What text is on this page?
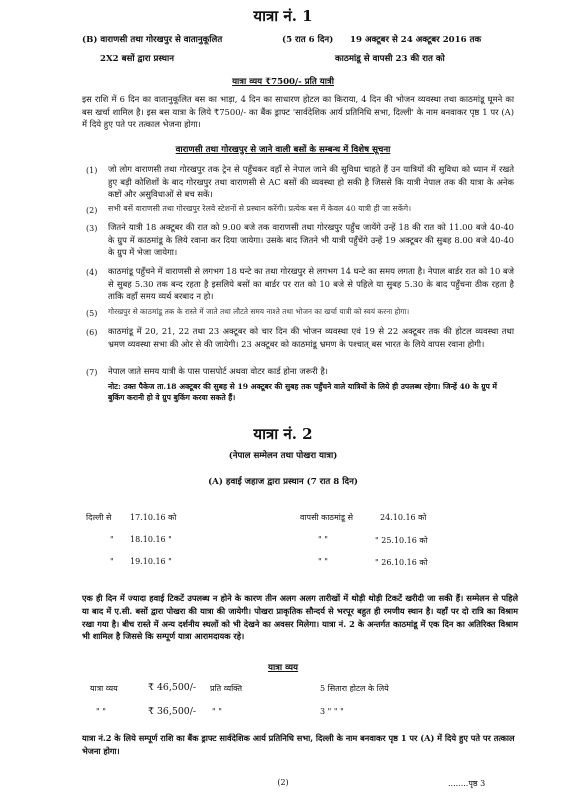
यात्रा नं. 1
(B) वाराणसी तथा गोरखपुर से वातानुकूलित	(5 रात 6 दिन) 19 अक्टूबर से 24 अक्टूबर 2016 तक
2X2 बसों द्वारा प्रस्थान	काठमांडू से वापसी 23 की रात को
यात्रा व्यय ₹7500/- प्रति यात्री
इस राशि में 6 दिन का वातानुकूलित बस का भाड़ा, 4 दिन का साधारण होटल का किराया, 4 दिन की भोजन व्यवस्था तथा काठमांडू घूमने का बस खर्चा शामिल है। इस बस यात्रा के लिये ₹7500/- का बैंक ड्राफ्ट 'सार्वदेशिक आर्य प्रतिनिधि सभा, दिल्ली' के नाम बनवाकर पृष्ठ 1 पर (A) में दिये हुए पते पर तत्काल भेजना होगा।
वाराणसी तथा गोरखपुर से जाने वाली बसों के सम्बन्ध में विशेष सूचना
(1) जो लोग वाराणसी तथा गोरखपुर तक ट्रेन से पहुँचकर वहाँ से नेपाल जाने की सुविधा चाहते हैं उन यात्रियों की सुविधा को ध्यान में रखते हुए बड़ी कोशिशों के बाद गोरखपुर तथा वाराणसी से AC बसों की व्यवस्था हो सकी है जिससे कि यात्री नेपाल तक की यात्रा के अनेक कष्टों और असुविधाओं से बच सकें।
(2) सभी बसें वाराणसी तथा गोरखपुर रेलवे स्टेशनों से प्रस्थान करेंगी। प्रत्येक बस में केवल 40 यात्री ही जा सकेंगे।
(3) जितने यात्री 18 अक्टूबर की रात को 9.00 बजे तक वाराणसी तथा गोरखपुर पहुँच जायेंगे उन्हें 18 की रात को 11.00 बजे 40-40 के ग्रुप में काठमांडू के लिये रवाना कर दिया जायेगा। उसके बाद जितने भी यात्री पहुँचेंगे उन्हें 19 अक्टूबर की सुबह 8.00 बजे 40-40 के ग्रुप में भेजा जायेगा।
(4) काठमांडू पहुँचने में वाराणसी से लगभग 18 घन्टे का तथा गोरखपुर से लगभग 14 घन्टे का समय लगता है। नेपाल बार्डर रात को 10 बजे से सुबह 5.30 तक बन्द रहता है इसलिये बसों का बार्डर पर रात को 10 बजे से पहिले या सुबह 5.30 के बाद पहुँचना ठीक रहता है ताकि वहाँ समय व्यर्थ बरबाद न हो।
(5) गोरखपुर से काठमांडू तक के रास्ते में जाते तथा लौटते समय नाश्ते तथा भोजन का खर्चा यात्री को स्वयं करना होगा।
(6) काठमांडू में 20, 21, 22 तथा 23 अक्टूबर को चार दिन की भोजन व्यवस्था एवं 19 से 22 अक्टूबर तक की होटल व्यवस्था तथा भ्रमण व्यवस्था सभा की ओर से की जायेगी। 23 अक्टूबर को काठमांडू भ्रमण के पश्चात् बस भारत के लिये वापस रवाना होगी।
(7) नेपाल जाते समय यात्री के पास पासपोर्ट अथवा वोटर कार्ड होना जरूरी है।
नोट: उक्त पैकेज ता.18 अक्टूबर की सुबह से 19 अक्टूबर की सुबह तक पहुँचने वाले यात्रियों के लिये ही उपलब्ध रहेगा। जिन्हें 40 के ग्रुप में बुकिंग करानी हो वे ग्रुप बुकिंग करवा सकते हैं।
यात्रा नं. 2
(नेपाल सम्मेलन तथा पोखरा यात्रा)
(A) हवाई जहाज द्वारा प्रस्थान (7 रात 8 दिन)
दिल्ली से 17.10.16 को	वापसी काठमांडू से	24.10.16 को
" 18.10.16 "	" "	" 25.10.16 को
" 19.10.16 "	" "	" 26.10.16 को
एक ही दिन में ज्यादा हवाई टिकटें उपलब्ध न होने के कारण तीन अलग अलग तारीखों में थोड़ी थोड़ी टिकटें खरीदी जा सकी हैं। सम्मेलन से पहिले या बाद में ए.सी. बसों द्वारा पोखरा की यात्रा की जायेगी। पोखरा प्राकृतिक सौन्दर्य से भरपूर बहुत ही रमणीय स्थान है। यहाँ पर दो रात्रि का विश्राम रखा गया है। बीच रास्ते में अन्य दर्शनीय स्थलों को भी देखने का अवसर मिलेगा। यात्रा नं. 2 के अन्तर्गत काठमांडू में एक दिन का अतिरिक्त विश्राम भी शामिल है जिससे कि सम्पूर्ण यात्रा आरामदायक रहे।
यात्रा व्यय
यात्रा व्यय	₹ 46,500/- प्रति व्यक्ति	5 सितारा होटल के लिये
" "	₹ 36,500/- " "	3 " " "
यात्रा नं.2 के लिये सम्पूर्ण राशि का बैंक ड्राफ्ट सार्वदेशिक आर्य प्रतिनिधि सभा, दिल्ली के नाम बनवाकर पृष्ठ 1 पर (A) में दिये हुए पते पर तत्काल भेजना होगा।
(2)	........पृष्ठ 3
